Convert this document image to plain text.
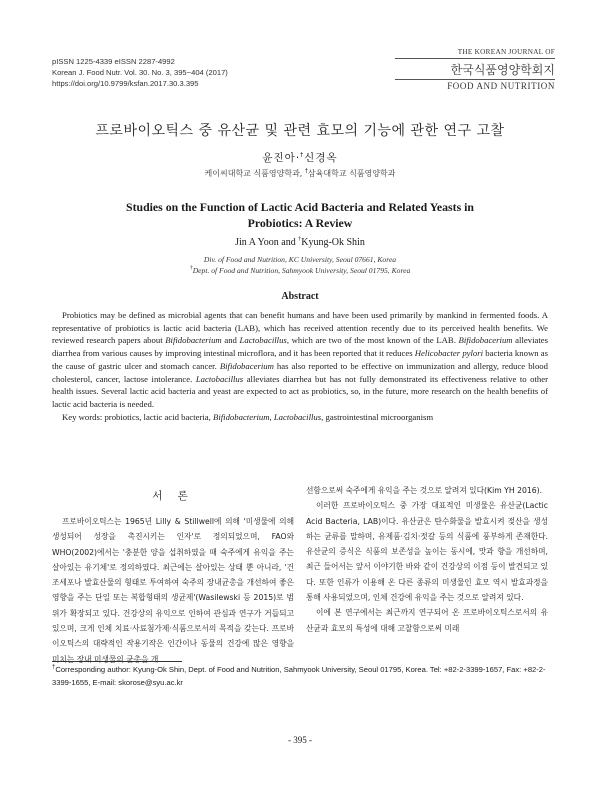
pISSN 1225-4339 eISSN 2287-4992
Korean J. Food Nutr. Vol. 30. No. 3, 395~404 (2017)
https://doi.org/10.9799/ksfan.2017.30.3.395
THE KOREAN JOURNAL OF
한국식품영양학회지
FOOD AND NUTRITION
프로바이오틱스 중 유산균 및 관련 효모의 기능에 관한 연구 고찰
윤진아·†신경옥
케이씨대학교 식품영양학과, †삼육대학교 식품영양학과
Studies on the Function of Lactic Acid Bacteria and Related Yeasts in Probiotics: A Review
Jin A Yoon and †Kyung-Ok Shin
Div. of Food and Nutrition, KC University, Seoul 07661, Korea
†Dept. of Food and Nutrition, Sahmyook University, Seoul 01795, Korea
Abstract

Probiotics may be defined as microbial agents that can benefit humans and have been used primarily by mankind in fermented foods. A representative of probiotics is lactic acid bacteria (LAB), which has received attention recently due to its perceived health benefits. We reviewed research papers about Bifidobacterium and Lactobacillus, which are two of the most known of the LAB. Bifidobacerium alleviates diarrhea from various causes by improving intestinal microflora, and it has been reported that it reduces Helicobacter pylori bacteria known as the cause of gastric ulcer and stomach cancer. Bifidobacerium has also reported to be effective on immunization and allergy, reduce blood cholesterol, cancer, lactose intolerance. Lactobacillus alleviates diarrhea but has not fully demonstrated its effectiveness relative to other health issues. Several lactic acid bacteria and yeast are expected to act as probiotics, so, in the future, more research on the health benefits of lactic acid bacteria is needed.

Key words: probiotics, lactic acid bacteria, Bifidobacterium, Lactobacillus, gastrointestinal microorganism

서 론

프로바이오틱스는 1965년 Lilly & Stillwell에 의해 '미생물에 의해 생성되어 성장을 촉진시키는 인자'로 정의되었으며, FAO와 WHO(2002)에서는 '충분한 양을 섭취하였을 때 숙주에게 유익을 주는 살아있는 유기체'로 정의하였다. 최근에는 살아있는 상태 뿐 아니라, '건조세포나 발효산물의 형태로 투여하여 숙주의 장내균총을 개선하여 좋은 영향을 주는 단일 또는 복합형태의 생균제'(Wasilewski 등 2015)로 범위가 확장되고 있다. 건강상의 유익으로 인하여 관심과 연구가 거듭되고 있으며, 크게 인체 치료·사료첨가제·식품으로서의 목적을 갖는다. 프로바이오틱스의 대략적인 작용기작은 인간이나 동물의 건강에 많은 영향을 미치는 장내 미생물의 균총을 개

선함으로써 숙주에게 유익을 주는 것으로 알려져 있다(Kim YH 2016).

이러한 프로바이오틱스 중 가장 대표적인 미생물은 유산균(Lactic Acid Bacteria, LAB)이다. 유산균은 탄수화물을 발효시켜 젖산을 생성하는 균류를 말하며, 유제품·김치·젓갈 등의 식품에 풍부하게 존재한다. 유산균의 증식은 식품의 보존성을 높이는 동시에, 맛과 향을 개선하며, 최근 들어서는 앞서 이야기한 바와 같이 건강상의 이점 등이 발견되고 있다. 또한 인류가 이용해 온 다른 종류의 미생물인 효모 역시 발효과정을 통해 사용되었으며, 인체 건강에 유익을 주는 것으로 알려져 있다.

이에 본 연구에서는 최근까지 연구되어 온 프로바이오틱스로서의 유산균과 효모의 특성에 대해 고찰함으로써 미래

†Corresponding author: Kyung-Ok Shin, Dept. of Food and Nutrition, Sahmyook University, Seoul 01795, Korea. Tel: +82-2-3399-1657, Fax: +82-2-3399-1655, E-mail: skorose@syu.ac.kr
- 395 -
